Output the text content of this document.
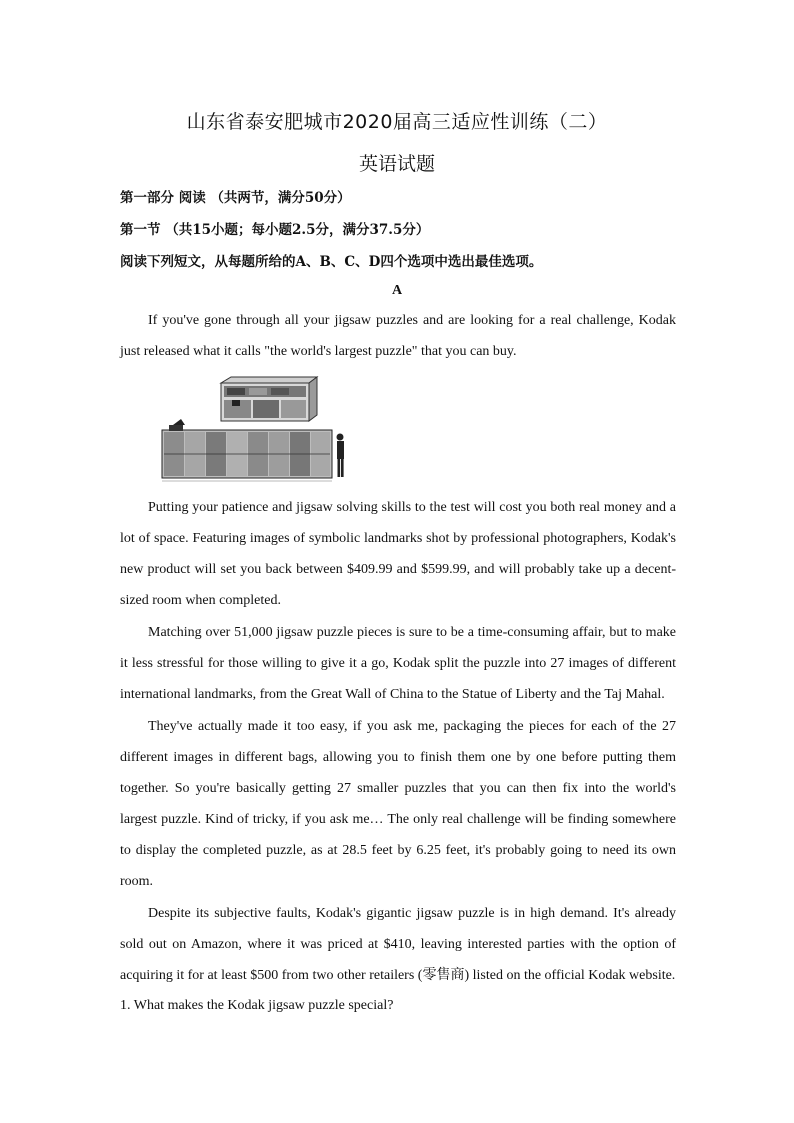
山东省泰安肥城市2020届高三适应性训练（二）
英语试题
第一部分 阅读 （共两节，满分50分）
第一节 （共15小题；每小题2.5分，满分37.5分）
阅读下列短文，从每题所给的A、B、C、D四个选项中选出最佳选项。
A

If you've gone through all your jigsaw puzzles and are looking for a real challenge, Kodak just released what it calls "the world's largest puzzle" that you can buy.

Putting your patience and jigsaw solving skills to the test will cost you both real money and a lot of space. Featuring images of symbolic landmarks shot by professional photographers, Kodak's new product will set you back between $409.99 and $599.99, and will probably take up a decent-sized room when completed.

Matching over 51,000 jigsaw puzzle pieces is sure to be a time-consuming affair, but to make it less stressful for those willing to give it a go, Kodak split the puzzle into 27 images of different international landmarks, from the Great Wall of China to the Statue of Liberty and the Taj Mahal.

They've actually made it too easy, if you ask me, packaging the pieces for each of the 27 different images in different bags, allowing you to finish them one by one before putting them together. So you're basically getting 27 smaller puzzles that you can then fix into the world's largest puzzle. Kind of tricky, if you ask me… The only real challenge will be finding somewhere to display the completed puzzle, as at 28.5 feet by 6.25 feet, it's probably going to need its own room.

Despite its subjective faults, Kodak's gigantic jigsaw puzzle is in high demand. It's already sold out on Amazon, where it was priced at $410, leaving interested parties with the option of acquiring it for at least $500 from two other retailers (零售商) listed on the official Kodak website.

1. What makes the Kodak jigsaw puzzle special?
